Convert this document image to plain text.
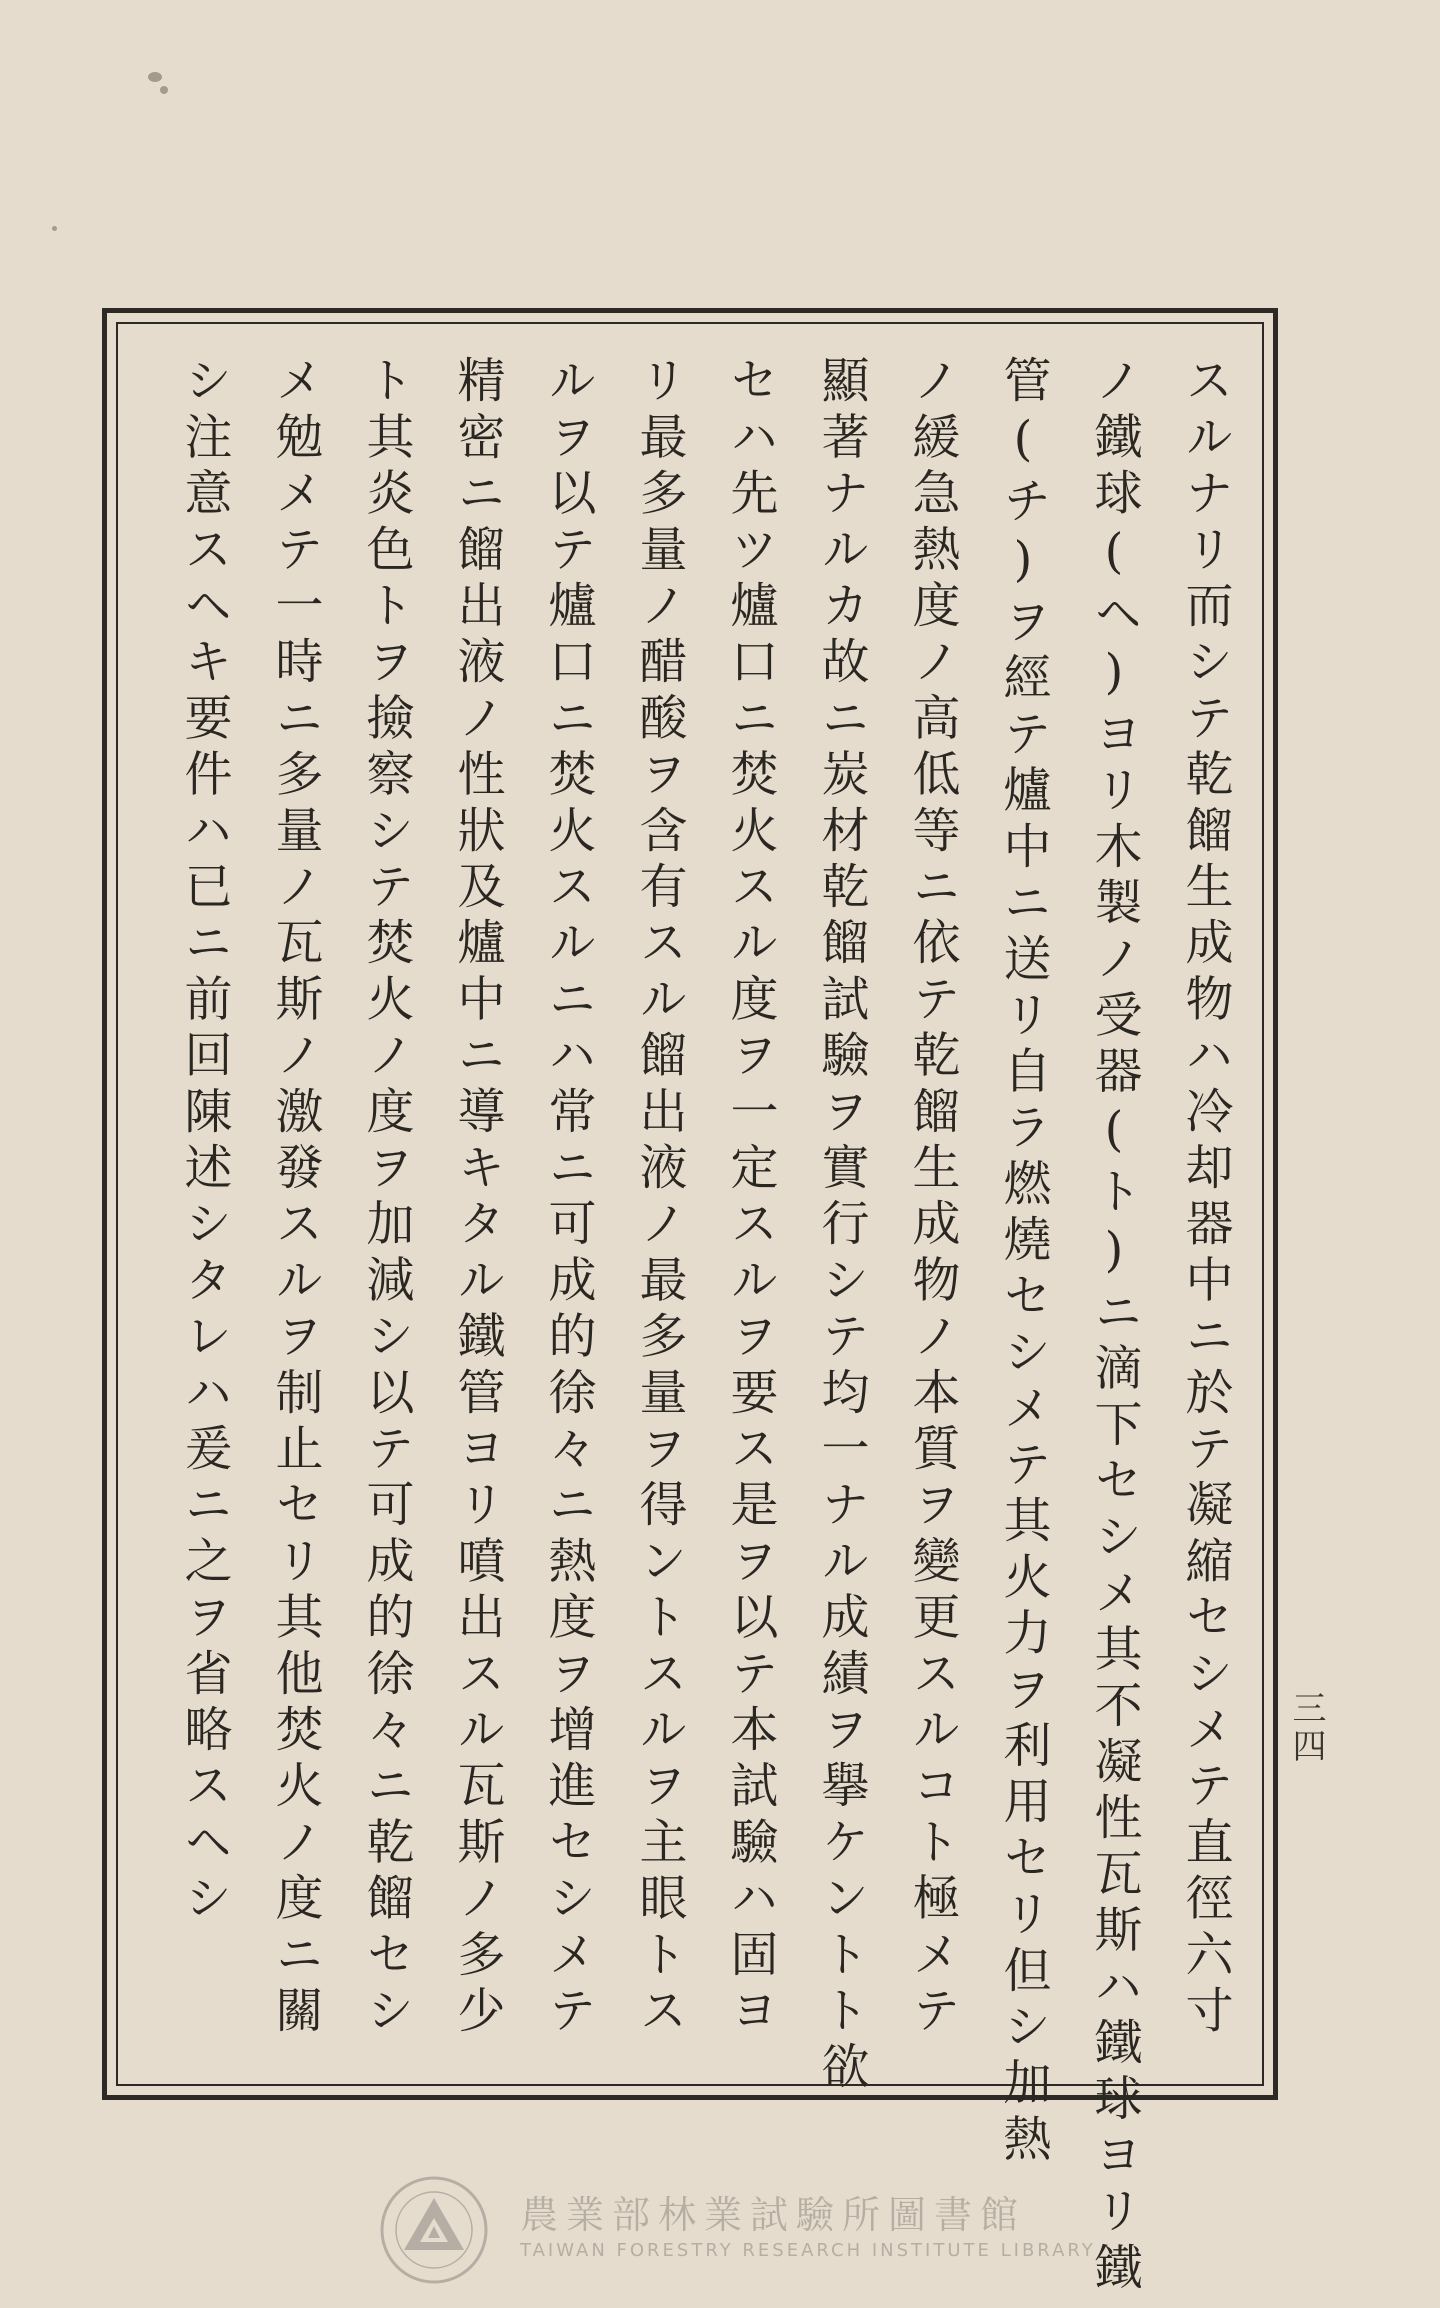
スルナリ而シテ乾餾生成物ハ冷却器中ニ於テ凝縮セシメテ直徑六寸
ノ鐵球(ヘ)ヨリ木製ノ受器(ト)ニ滴下セシメ其不凝性瓦斯ハ鐵球ヨリ鐵
管(チ)ヲ經テ爐中ニ送リ自ラ燃燒セシメテ其火力ヲ利用セリ但シ加熱
ノ緩急熱度ノ高低等ニ依テ乾餾生成物ノ本質ヲ變更スルコト極メテ
顯著ナルカ故ニ炭材乾餾試驗ヲ實行シテ均一ナル成績ヲ擧ケントト欲
セハ先ツ爐口ニ焚火スル度ヲ一定スルヲ要ス是ヲ以テ本試驗ハ固ヨ
リ最多量ノ醋酸ヲ含有スル餾出液ノ最多量ヲ得ントスルヲ主眼トス
ルヲ以テ爐口ニ焚火スルニハ常ニ可成的徐々ニ熱度ヲ增進セシメテ
精密ニ餾出液ノ性狀及爐中ニ導キタル鐵管ヨリ噴出スル瓦斯ノ多少
ト其炎色トヲ撿察シテ焚火ノ度ヲ加減シ以テ可成的徐々ニ乾餾セシ
メ勉メテ一時ニ多量ノ瓦斯ノ激發スルヲ制止セリ其他焚火ノ度ニ關
シ注意スヘキ要件ハ已ニ前回陳述シタレハ爰ニ之ヲ省略スヘシ	三四
農業部林業試驗所圖書館
TAIWAN FORESTRY RESEARCH INSTITUTE LIBRARY
